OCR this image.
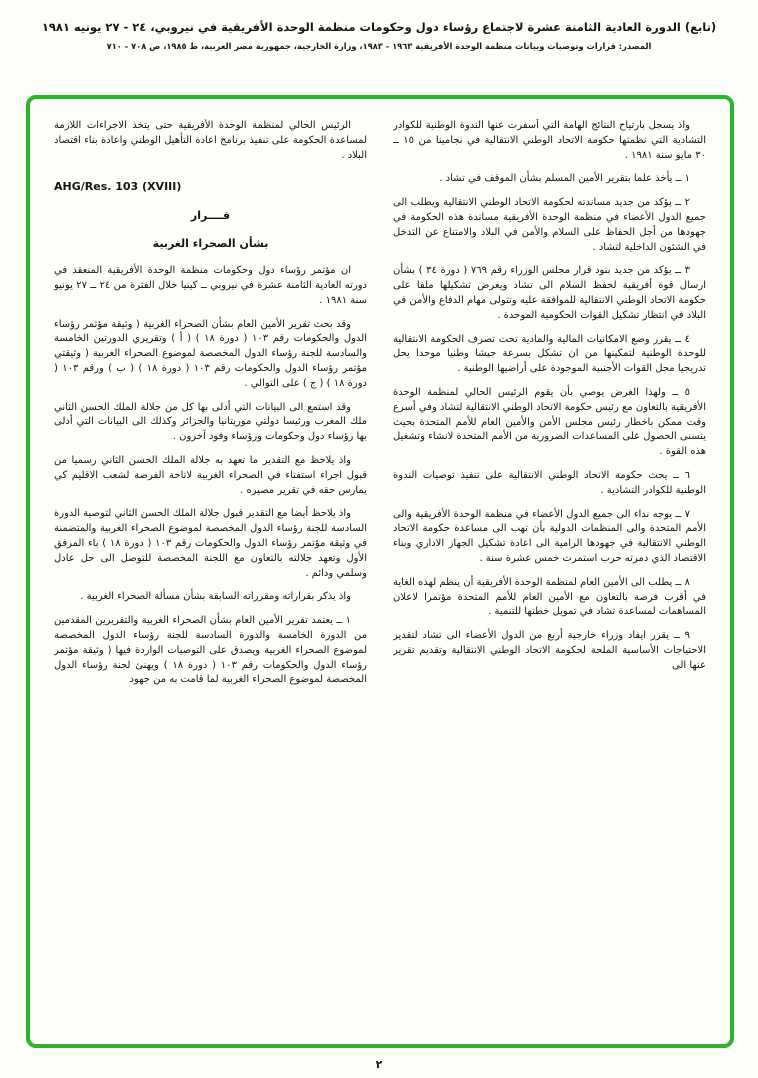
(تابع) الدورة العادية الثامنة عشرة لاجتماع رؤساء دول وحكومات منظمة الوحدة الأفريقية في نيروبي، ٢٤ - ٢٧ يونيه ١٩٨١
المصدر: قرارات وتوصيات وبيانات منظمة الوحدة الأفريقية ١٩٦٣ - ١٩٨٣، وزارة الخارجية، جمهورية مصر العربية، ط ١٩٨٥، ص ٧٠٨ - ٧١٠

واذ يسجل بارتياح النتائج الهامة التي أسفرت عنها الندوة الوطنية للكوادر التشادية التي نظمتها حكومة الاتحاد الوطني الانتقالية في نجامينا من ١٥ ــ ٣٠ مايو سنة ١٩٨١ .

١ ــ يأخذ علما بتقرير الأمين المسلم بشأن الموقف في تشاد .

٢ ــ يؤكد من جديد مساندته لحكومة الاتحاد الوطني الانتقالية ويطلب الى جميع الدول الأعضاء في منظمة الوحدة الأفريقية مساندة هذه الحكومة في جهودها من أجل الحفاظ على السلام والأمن في البلاد والامتناع عن التدخل في الشئون الداخلية لتشاد .

٣ ــ يؤكد من جديد بنود قرار مجلس الوزراء رقم ٧٦٩ ( دورة ٣٤ ) بشأن ارسال قوة أفريقية لحفظ السلام الى تشاد ويعرض تشكيلها ملفا على حكومة الاتحاد الوطني الانتقالية للموافقة عليه وتتولى مهام الدفاع والأمن في البلاد في انتظار تشكيل القوات الحكومية الموحدة .

٤ ــ يقرر وضع الامكانيات المالية والمادية تحت تصرف الحكومة الانتقالية للوحدة الوطنية لتمكينها من ان تشكل بسرعة جيشا وطنيا موحدا يحل تدريجيا محل القوات الأجنبية الموجودة على أراضيها الوطنية .

٥ ــ ولهذا الغرض يوصي بأن يقوم الرئيس الحالي لمنظمة الوحدة الأفريقية بالتعاون مع رئيس حكومة الاتحاد الوطني الانتقالية لتشاد وفي أسرع وقت ممكن باخطار رئيس مجلس الأمن والأمين العام للأمم المتحدة بحيث يتسنى الحصول على المساعدات الضرورية من الأمم المتحدة لانشاء وتشغيل هذه القوة .

٦ ــ يحث حكومة الاتحاد الوطني الانتقالية على تنفيذ توصيات الندوة الوطنية للكوادر التشادية .

٧ ــ يوجه نداء الى جميع الدول الأعضاء في منظمة الوحدة الأفريقية والى الأمم المتحدة والى المنظمات الدولية بأن تهب الى مساعدة حكومة الاتحاد الوطني الانتقالية في جهودها الرامية الى اعادة تشكيل الجهاز الاداري وبناء الاقتصاد الذي دمرته حرب استمرت خمس عشرة سنة .

٨ ــ يطلب الى الأمين العام لمنظمة الوحدة الأفريقية أن ينظم لهذه الغاية في أقرب فرصة بالتعاون مع الأمين العام للأمم المتحدة مؤتمرا لاعلان المساهمات لمساعدة تشاد في تمويل خطتها للتنمية .

٩ ــ يقرر ايفاد وزراء خارجية أربع من الدول الأعضاء الى تشاد لتقدير الاحتياجات الأساسية الملحة لحكومة الاتحاد الوطني الانتقالية وتقديم تقرير عنها الى

الرئيس الحالي لمنظمة الوحدة الأفريقية حتى يتخذ الاجراءات اللازمة لمساعدة الحكومة على تنفيذ برنامج اعادة التأهيل الوطني واعادة بناء اقتصاد البلاد .

AHG/Res. 103 (XVIII)

قــــرار

بشأن الصحراء الغربية

ان مؤتمر رؤساء دول وحكومات منظمة الوحدة الأفريقية المنعقد في دورته العادية الثامنة عشرة في نيروبي ــ كينيا خلال الفترة من ٢٤ ــ ٢٧ يونيو سنة ١٩٨١ .

وقد بحث تقرير الأمين العام بشأن الصحراء الغربية ( وثيقة مؤتمر رؤساء الدول والحكومات رقم ١٠٣ ( دورة ١٨ ) ( أ ) وتقريري الدورتين الخامسة والسادسة للجنة رؤساء الدول المخصصة لموضوع الصحراء الغربية ( وثيقتي مؤتمر رؤساء الدول والحكومات رقم ١٠٣ ( دورة ١٨ ) ( ب ) ورقم ١٠٣ ( دورة ١٨ ) ( ج ) على التوالي .

وقد استمع الى البيانات التي أدلى بها كل من جلالة الملك الحسن الثاني ملك المغرب ورئيسا دولتي موريتانيا والجزائر وكذلك الى البيانات التي أدلى بها رؤساء دول وحكومات ورؤساء وفود آخرون .

واذ يلاحظ مع التقدير ما تعهد به جلالة الملك الحسن الثاني رسميا من قبول اجراء استفتاء في الصحراء الغربية لاتاحة الفرصة لشعب الاقليم كي يمارس حقه في تقرير مصيره .

واذ يلاحظ أيضا مع التقدير قبول جلالة الملك الحسن الثاني لتوصية الدورة السادسة للجنة رؤساء الدول المخصصة لموضوع الصحراء الغربية والمتضمنة في وثيقة مؤتمر رؤساء الدول والحكومات رقم ١٠٣ ( دورة ١٨ ) باء المرفق الأول وتعهد جلالته بالتعاون مع اللجنة المخصصة للتوصل الى حل عادل وسلمي ودائم .

واذ يذكر بقراراته ومقرراته السابقة بشأن مسألة الصحراء الغربية .

١ ــ يعتمد تقرير الأمين العام بشأن الصحراء الغربية والتقريرين المقدمين من الدورة الخامسة والدورة السادسة للجنة رؤساء الدول المخصصة لموضوع الصحراء الغربية ويصدق على التوصيات الواردة فيها ( وثيقة مؤتمر رؤساء الدول والحكومات رقم ١٠٣ ( دورة ١٨ ) ويهنئ لجنة رؤساء الدول المخصصة لموضوع الصحراء الغربية لما قامت به من جهود

٢
